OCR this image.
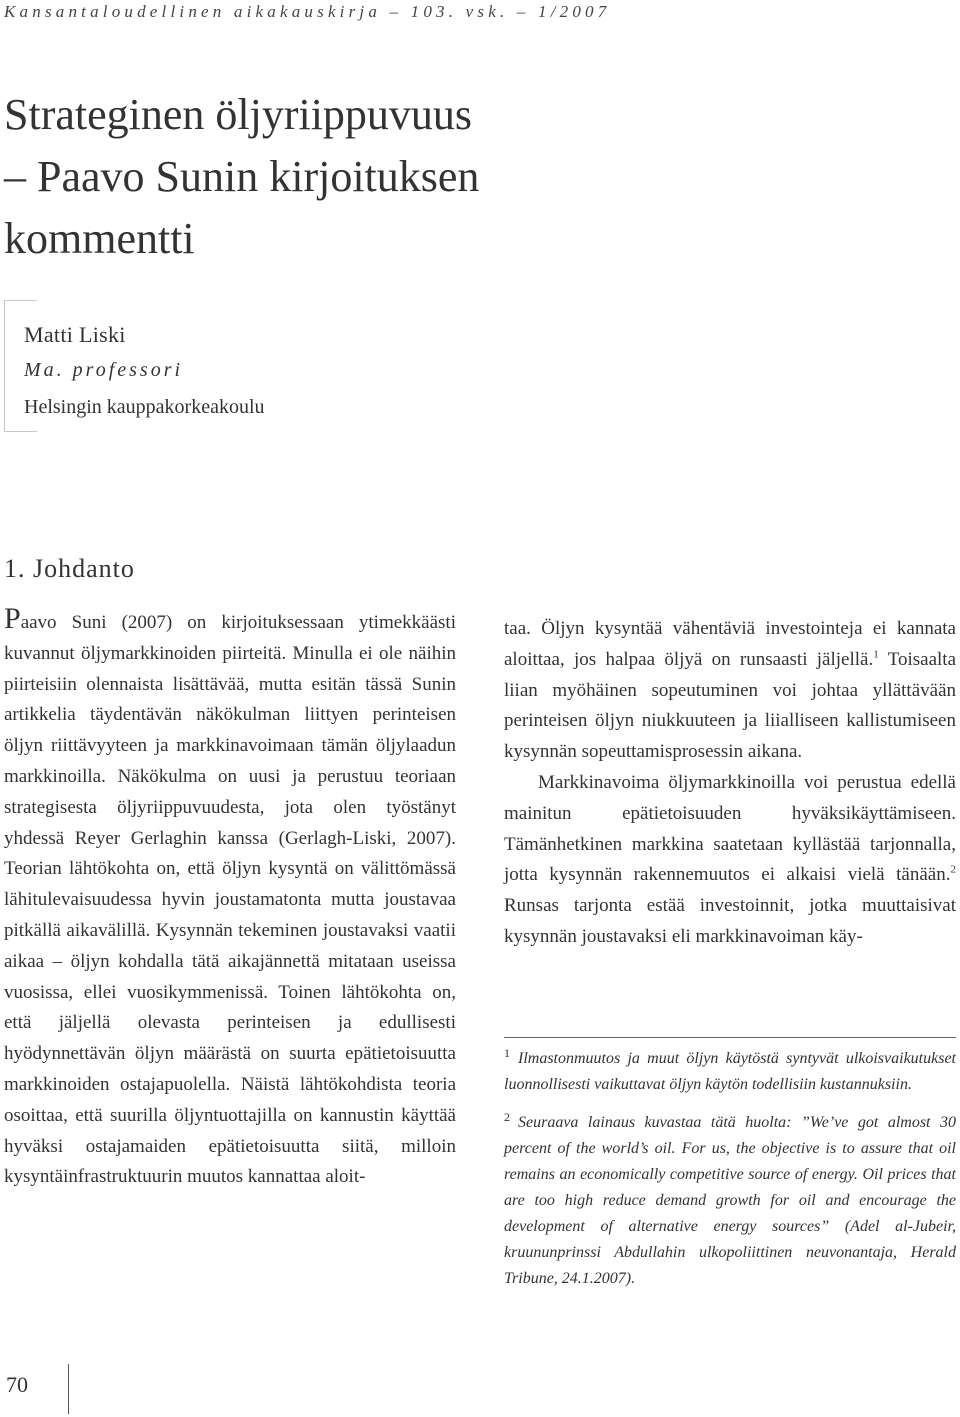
Kansantaloudellinen aikakauskirja – 103. vsk. – 1/2007
Strateginen öljyriippuvuus
– Paavo Sunin kirjoituksen
kommentti
Matti Liski
Ma. professori
Helsingin kauppakorkeakoulu
1. Johdanto

Paavo Suni (2007) on kirjoituksessaan ytimekkäästi kuvannut öljymarkkinoiden piirteitä. Minulla ei ole näihin piirteisiin olennaista lisättävää, mutta esitän tässä Sunin artikkelia täydentävän näkökulman liittyen perinteisen öljyn riittävyyteen ja markkinavoimaan tämän öljylaadun markkinoilla. Näkökulma on uusi ja perustuu teoriaan strategisesta öljyriippuvuudesta, jota olen työstänyt yhdessä Reyer Gerlaghin kanssa (Gerlagh-Liski, 2007). Teorian lähtökohta on, että öljyn kysyntä on välittömässä lähitulevaisuudessa hyvin joustamatonta mutta joustavaa pitkällä aikavälillä. Kysynnän tekeminen joustavaksi vaatii aikaa – öljyn kohdalla tätä aikajännettä mitataan useissa vuosissa, ellei vuosikymmenissä. Toinen lähtökohta on, että jäljellä olevasta perinteisen ja edullisesti hyödynnettävän öljyn määrästä on suurta epätietoisuutta markkinoiden ostajapuolella. Näistä lähtökohdista teoria osoittaa, että suurilla öljyntuottajilla on kannustin käyttää hyväksi ostajamaiden epätietoisuutta siitä, milloin kysyntäinfrastruktuurin muutos kannattaa aloit-

taa. Öljyn kysyntää vähentäviä investointeja ei kannata aloittaa, jos halpaa öljyä on runsaasti jäljellä.$^1$ Toisaalta liian myöhäinen sopeutuminen voi johtaa yllättävään perinteisen öljyn niukkuuteen ja liialliseen kallistumiseen kysynnän sopeuttamisprosessin aikana.

Markkinavoima öljymarkkinoilla voi perustua edellä mainitun epätietoisuuden hyväksikäyttämiseen. Tämänhetkinen markkina saatetaan kyllästää tarjonnalla, jotta kysynnän rakennemuutos ei alkaisi vielä tänään.$^2$ Runsas tarjonta estää investoinnit, jotka muuttaisivat kysynnän joustavaksi eli markkinavoiman käy-

$^1$ Ilmastonmuutos ja muut öljyn käytöstä syntyvät ulkoisvaikutukset luonnollisesti vaikuttavat öljyn käytön todellisiin kustannuksiin.

$^2$ Seuraava lainaus kuvastaa tätä huolta: ”We’ve got almost 30 percent of the world’s oil. For us, the objective is to assure that oil remains an economically competitive source of energy. Oil prices that are too high reduce demand growth for oil and encourage the development of alternative energy sources” (Adel al-Jubeir, kruununprinssi Abdullahin ulkopoliittinen neuvonantaja, Herald Tribune, 24.1.2007).

70
